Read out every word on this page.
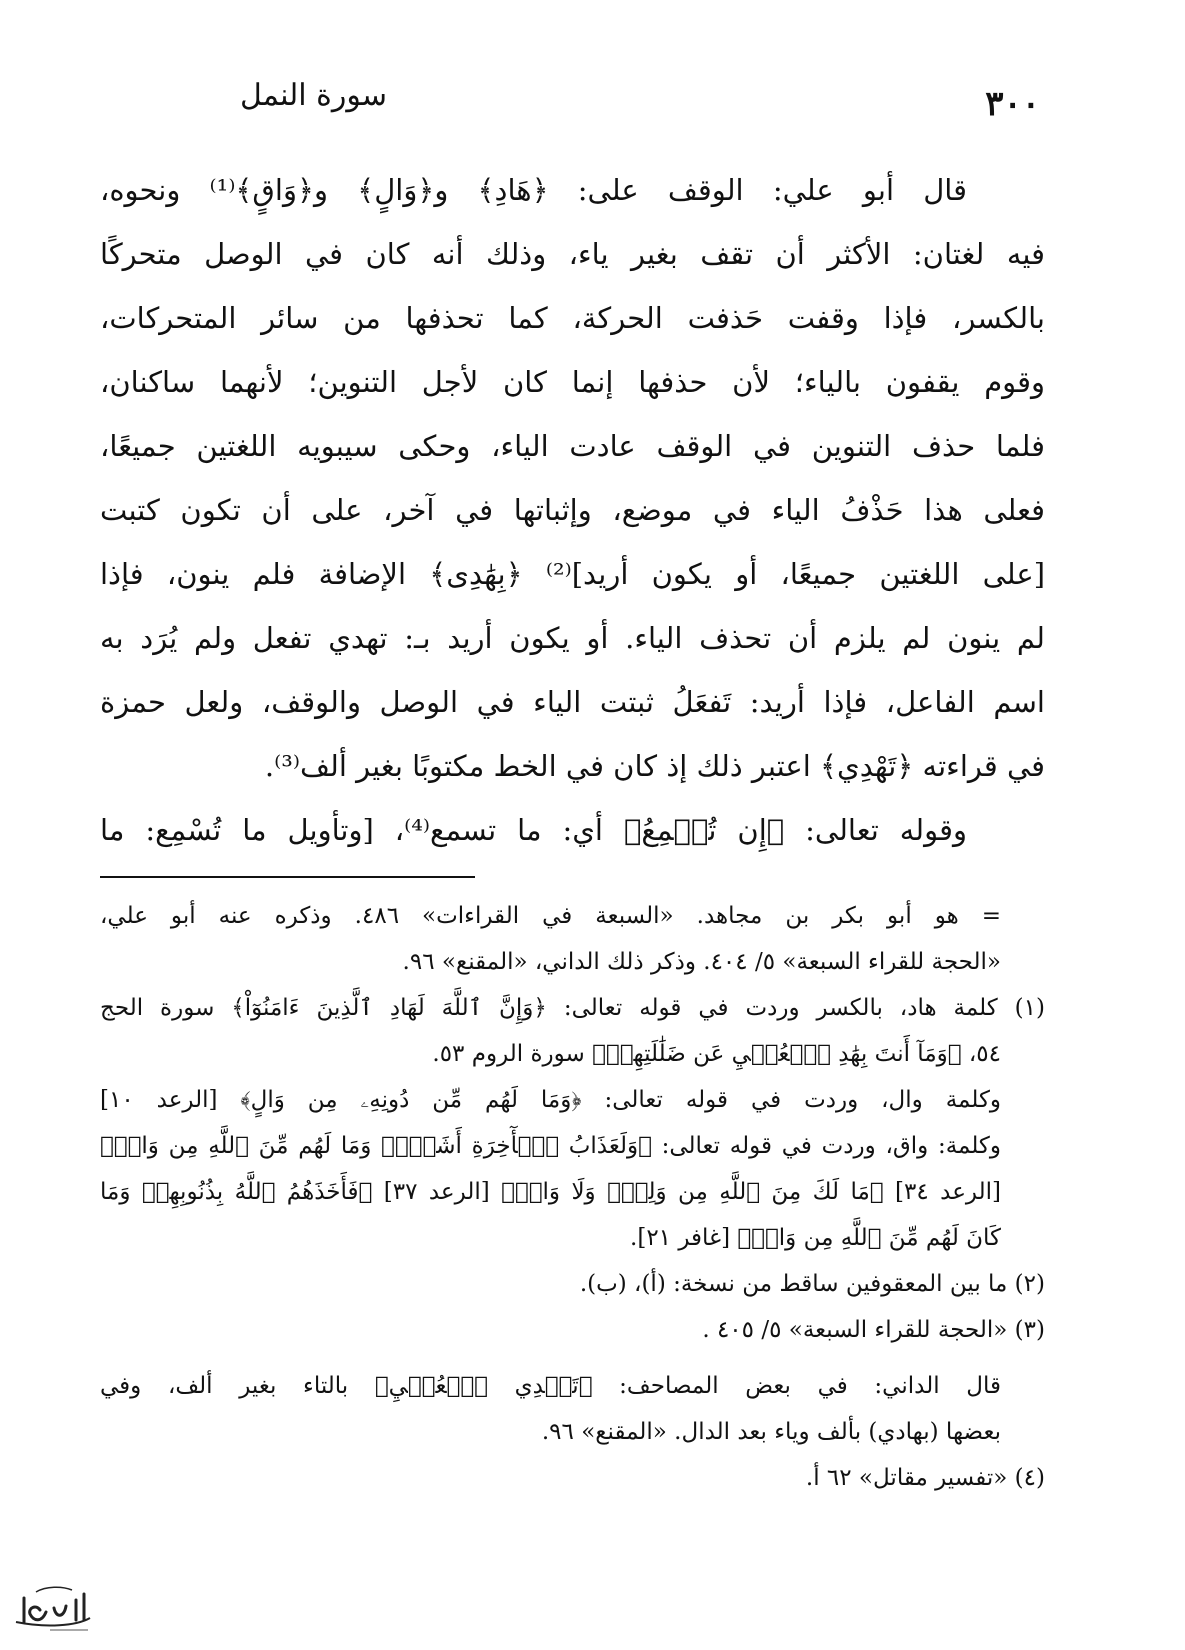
٣٠٠
سورة النمل
قال أبو علي: الوقف على: ﴿هَادِ﴾ و﴿وَالٍ﴾ و﴿وَاقٍ﴾⁽¹⁾ ونحوه،
فيه لغتان: الأكثر أن تقف بغير ياء، وذلك أنه كان في الوصل متحركًا
بالكسر، فإذا وقفت حَذفت الحركة، كما تحذفها من سائر المتحركات،
وقوم يقفون بالياء؛ لأن حذفها إنما كان لأجل التنوين؛ لأنهما ساكنان،
فلما حذف التنوين في الوقف عادت الياء، وحكى سيبويه اللغتين جميعًا،
فعلى هذا حَذْفُ الياء في موضع، وإثباتها في آخر، على أن تكون كتبت
[على اللغتين جميعًا، أو يكون أريد]⁽²⁾ ﴿بِهَٰدِى﴾ الإضافة فلم ينون، فإذا
لم ينون لم يلزم أن تحذف الياء. أو يكون أريد بـ: تهدي تفعل ولم يُرَد به
اسم الفاعل، فإذا أريد: تَفعَلُ ثبتت الياء في الوصل والوقف، ولعل حمزة
في قراءته ﴿تَهْدِي﴾ اعتبر ذلك إذ كان في الخط مكتوبًا بغير ألف⁽³⁾.
وقوله تعالى: ﴿إِن تُسۡمِعُ﴾ أي: ما تسمع⁽⁴⁾، [وتأويل ما تُسْمِع: ما
= هو أبو بكر بن مجاهد. «السبعة في القراءات» ٤٨٦. وذكره عنه أبو علي،
«الحجة للقراء السبعة» ٥/ ٤٠٤. وذكر ذلك الداني، «المقنع» ٩٦.
(١) كلمة هاد، بالكسر وردت في قوله تعالى: ﴿وَإِنَّ ٱللَّهَ لَهَادِ ٱلَّذِينَ ءَامَنُوٓاْ﴾ سورة الحج
٥٤، ﴿وَمَآ أَنتَ بِهَٰدِ ٱلۡعُمۡيِ عَن ضَلَٰلَتِهِمۡ﴾ سورة الروم ٥٣.
وكلمة وال، وردت في قوله تعالى: ﴿وَمَا لَهُم مِّن دُونِهِۦ مِن وَالٍ﴾ [الرعد ١٠]
وكلمة: واق، وردت في قوله تعالى: ﴿وَلَعَذَابُ ٱلۡأٓخِرَةِ أَشَقُّۖ وَمَا لَهُم مِّنَ ٱللَّهِ مِن وَاقٖ﴾
[الرعد ٣٤] ﴿مَا لَكَ مِنَ ٱللَّهِ مِن وَلِيّٖ وَلَا وَاقٖ﴾ [الرعد ٣٧] ﴿فَأَخَذَهُمُ ٱللَّهُ بِذُنُوبِهِمۡ وَمَا
كَانَ لَهُم مِّنَ ٱللَّهِ مِن وَاقٖ﴾ [غافر ٢١].
(٢) ما بين المعقوفين ساقط من نسخة: (أ)، (ب).
(٣) «الحجة للقراء السبعة» ٥/ ٤٠٥ .
قال الداني: في بعض المصاحف: ﴿تَهۡدِي ٱلۡعُمۡيِ﴾ بالتاء بغير ألف، وفي
بعضها (بهادي) بألف وياء بعد الدال. «المقنع» ٩٦.
(٤) «تفسير مقاتل» ٦٢ أ.
